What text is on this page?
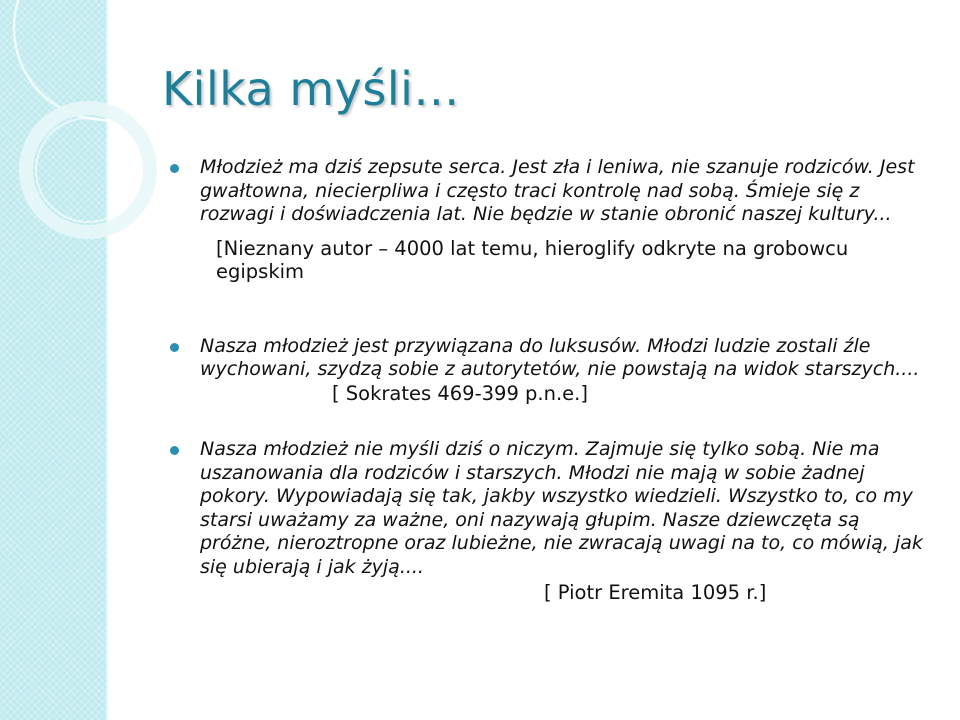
Kilka myśli…
Młodzież ma dziś zepsute serca. Jest zła i leniwa, nie szanuje rodziców. Jest gwałtowna, niecierpliwa i często traci kontrolę nad sobą. Śmieje się z rozwagi i doświadczenia lat. Nie będzie w stanie obronić naszej kultury...
[Nieznany autor – 4000 lat temu, hieroglify odkryte na grobowcu egipskim
Nasza młodzież jest przywiązana do luksusów. Młodzi ludzie zostali źle wychowani, szydzą sobie z autorytetów, nie powstają na widok starszych....[ Sokrates 469-399 p.n.e.]
Nasza młodzież nie myśli dziś o niczym. Zajmuje się tylko sobą. Nie ma uszanowania dla rodziców i starszych. Młodzi nie mają w sobie żadnej pokory. Wypowiadają się tak, jakby wszystko wiedzieli. Wszystko to, co my starsi uważamy za ważne, oni nazywają głupim. Nasze dziewczęta są próżne, nieroztropne oraz lubieżne, nie zwracają uwagi na to, co mówią, jak się ubierają i jak żyją....
[ Piotr Eremita 1095 r.]
